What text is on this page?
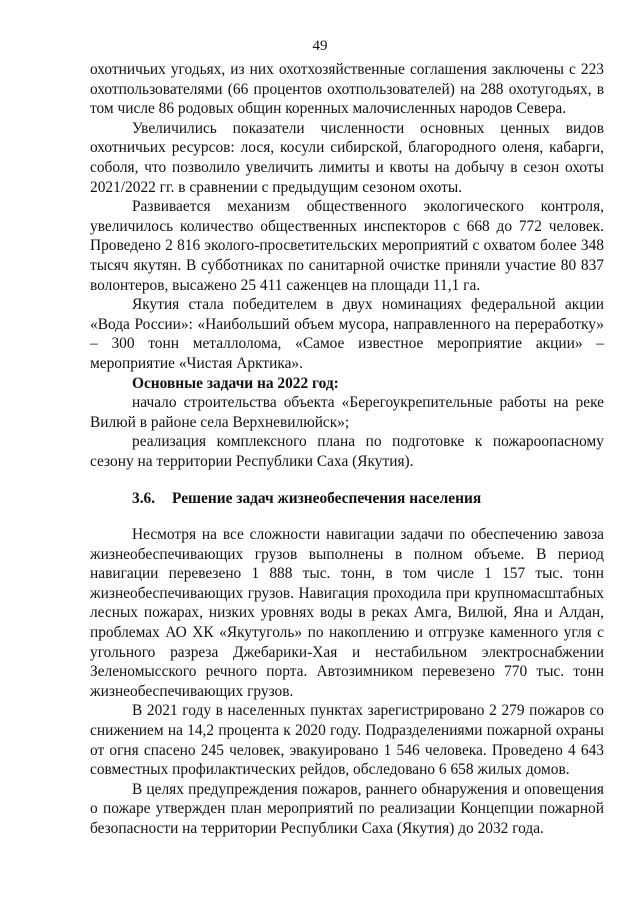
49

охотничьих угодьях, из них охотхозяйственные соглашения заключены с 223 охотпользователями (66 процентов охотпользователей) на 288 охотугодьях, в том числе 86 родовых общин коренных малочисленных народов Севера.

Увеличились показатели численности основных ценных видов охотничьих ресурсов: лося, косули сибирской, благородного оленя, кабарги, соболя, что позволило увеличить лимиты и квоты на добычу в сезон охоты 2021/2022 гг. в сравнении с предыдущим сезоном охоты.

Развивается механизм общественного экологического контроля, увеличилось количество общественных инспекторов с 668 до 772 человек. Проведено 2 816 эколого-просветительских мероприятий с охватом более 348 тысяч якутян. В субботниках по санитарной очистке приняли участие 80 837 волонтеров, высажено 25 411 саженцев на площади 11,1 га.

Якутия стала победителем в двух номинациях федеральной акции «Вода России»: «Наибольший объем мусора, направленного на переработку» – 300 тонн металлолома, «Самое известное мероприятие акции» – мероприятие «Чистая Арктика».

Основные задачи на 2022 год:

начало строительства объекта «Берегоукрепительные работы на реке Вилюй в районе села Верхневилюйск»;

реализация комплексного плана по подготовке к пожароопасному сезону на территории Республики Саха (Якутия).

3.6. Решение задач жизнеобеспечения населения

Несмотря на все сложности навигации задачи по обеспечению завоза жизнеобеспечивающих грузов выполнены в полном объеме. В период навигации перевезено 1 888 тыс. тонн, в том числе 1 157 тыс. тонн жизнеобеспечивающих грузов. Навигация проходила при крупномасштабных лесных пожарах, низких уровнях воды в реках Амга, Вилюй, Яна и Алдан, проблемах АО ХК «Якутуголь» по накоплению и отгрузке каменного угля с угольного разреза Джебарики-Хая и нестабильном электроснабжении Зеленомысского речного порта. Автозимником перевезено 770 тыс. тонн жизнеобеспечивающих грузов.

В 2021 году в населенных пунктах зарегистрировано 2 279 пожаров со снижением на 14,2 процента к 2020 году. Подразделениями пожарной охраны от огня спасено 245 человек, эвакуировано 1 546 человека. Проведено 4 643 совместных профилактических рейдов, обследовано 6 658 жилых домов.

В целях предупреждения пожаров, раннего обнаружения и оповещения о пожаре утвержден план мероприятий по реализации Концепции пожарной безопасности на территории Республики Саха (Якутия) до 2032 года.
